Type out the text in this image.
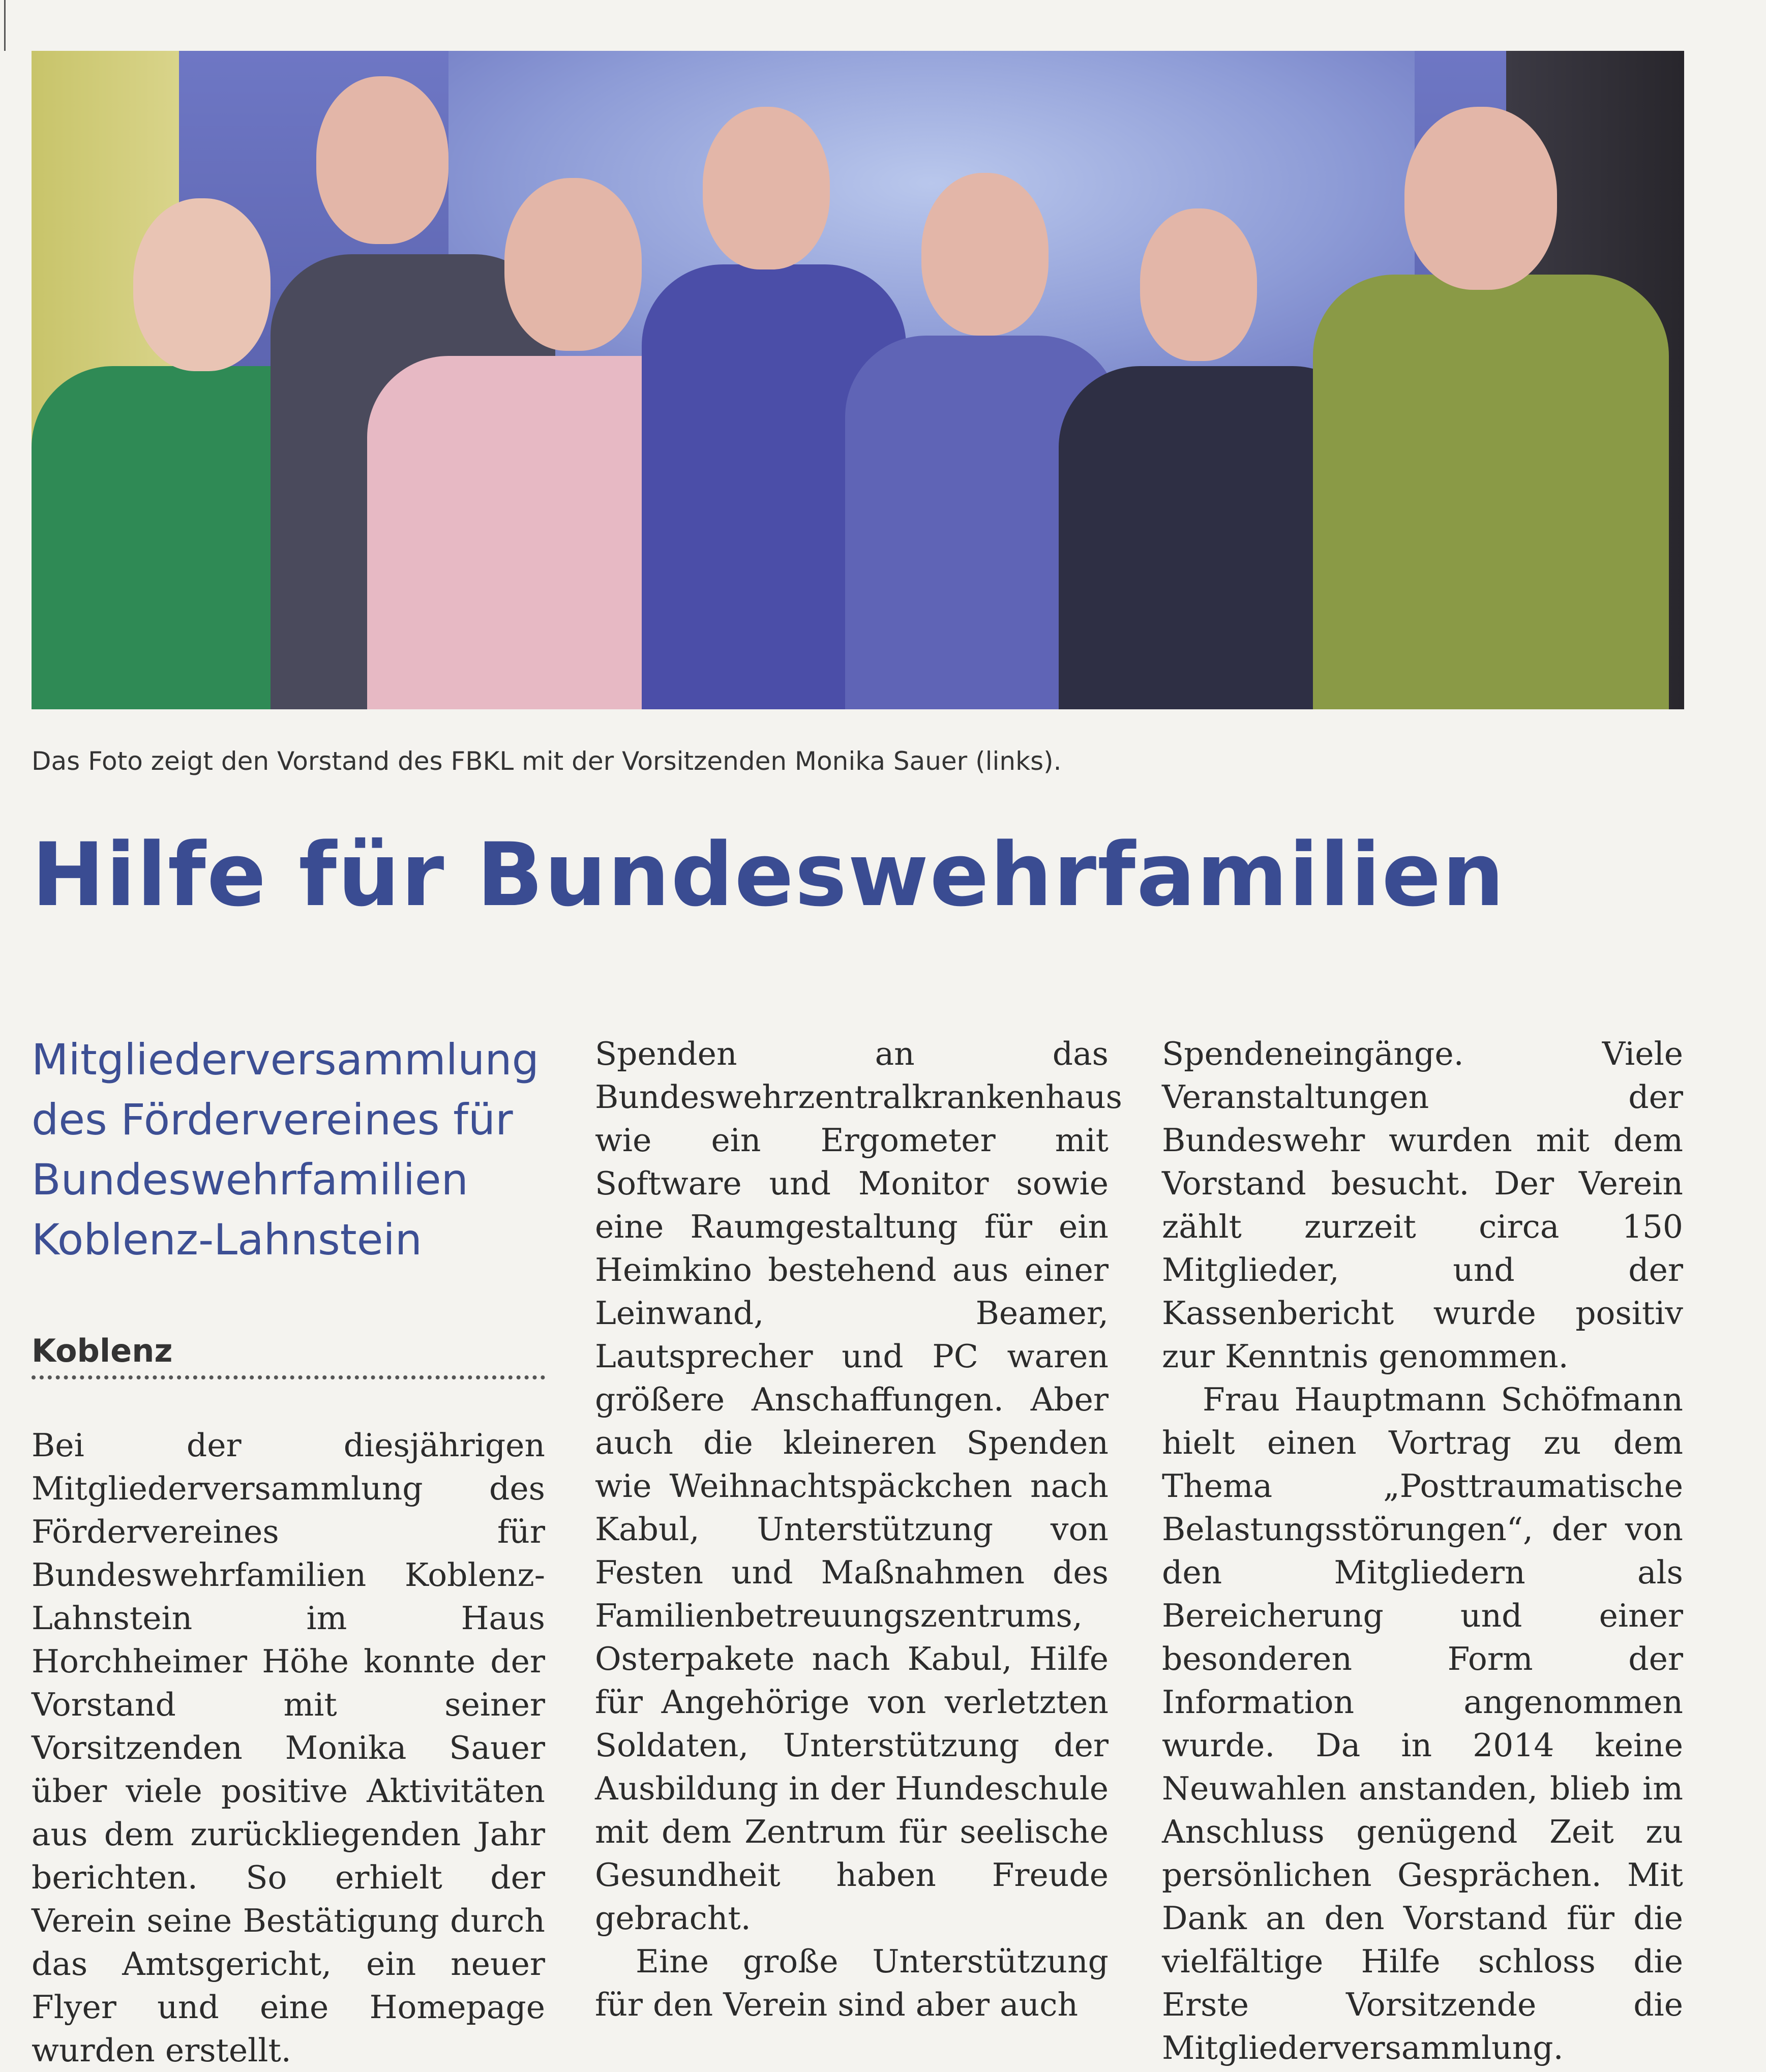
Das Foto zeigt den Vorstand des FBKL mit der Vorsitzenden Monika Sauer (links).
Hilfe für Bundeswehrfamilien
Mitgliederversammlung
des Fördervereines für
Bundeswehrfamilien
Koblenz-Lahnstein
Koblenz

Bei der diesjährigen Mitgliederversammlung des Fördervereines für Bundeswehrfamilien Koblenz-Lahnstein im Haus Horchheimer Höhe konnte der Vorstand mit seiner Vorsitzenden Monika Sauer über viele positive Aktivitäten aus dem zurückliegenden Jahr berichten. So erhielt der Verein seine Bestätigung durch das Amtsgericht, ein neuer Flyer und eine Homepage wurden erstellt.

Spenden an das Bundeswehrzentralkrankenhaus wie ein Ergometer mit Software und Monitor sowie eine Raumgestaltung für ein Heimkino bestehend aus einer Leinwand, Beamer, Lautsprecher und PC waren größere Anschaffungen. Aber auch die kleineren Spenden wie Weihnachtspäckchen nach Kabul, Unterstützung von Festen und Maßnahmen des Familienbetreuungszentrums, Osterpakete nach Kabul, Hilfe für Angehörige von verletzten Soldaten, Unterstützung der Ausbildung in der Hundeschule mit dem Zentrum für seelische Gesundheit haben Freude gebracht.

Eine große Unterstützung für den Verein sind aber auch

Spendeneingänge. Viele Veranstaltungen der Bundeswehr wurden mit dem Vorstand besucht. Der Verein zählt zurzeit circa 150 Mitglieder, und der Kassenbericht wurde positiv zur Kenntnis genommen.

Frau Hauptmann Schöfmann hielt einen Vortrag zu dem Thema „Posttraumatische Belastungsstörungen“, der von den Mitgliedern als Bereicherung und einer besonderen Form der Information angenommen wurde. Da in 2014 keine Neuwahlen anstanden, blieb im Anschluss genügend Zeit zu persönlichen Gesprächen. Mit Dank an den Vorstand für die vielfältige Hilfe schloss die Erste Vorsitzende die Mitgliederversammlung.
